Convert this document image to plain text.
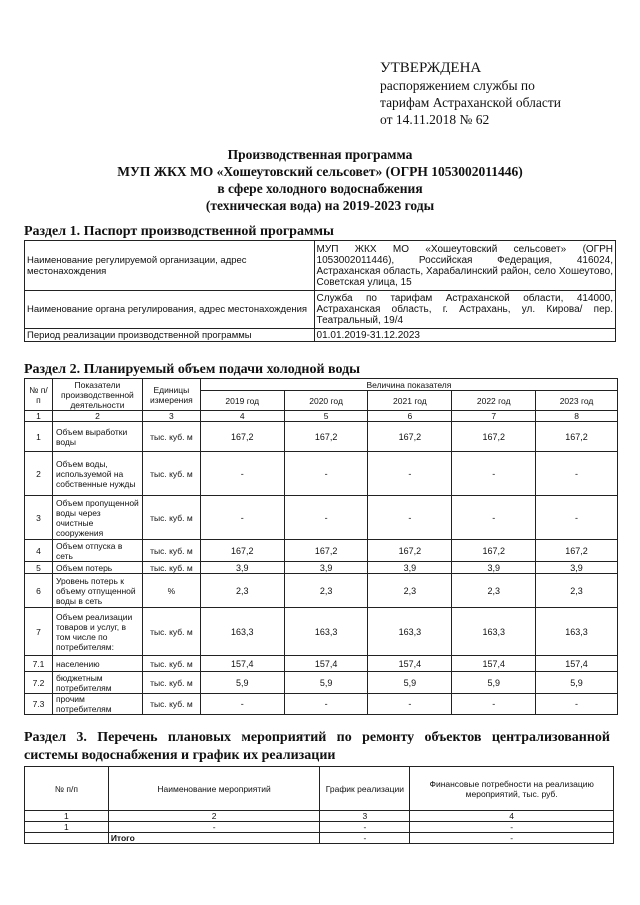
УТВЕРЖДЕНА
распоряжением службы по
тарифам Астраханской области
от 14.11.2018 № 62
Производственная программа
МУП ЖКХ МО «Хошеутовский сельсовет» (ОГРН 1053002011446)
в сфере холодного водоснабжения
(техническая вода) на 2019-2023 годы
Раздел 1. Паспорт производственной программы
Наименование регулируемой организации, адрес местонахождения	МУП ЖКХ МО «Хошеутовский сельсовет» (ОГРН 1053002011446), Российская Федерация, 416024, Астраханская область, Харабалинский район, село Хошеутово, Советская улица, 15
Наименование органа регулирования, адрес местонахождения	Служба по тарифам Астраханской области, 414000, Астраханская область, г. Астрахань, ул. Кирова/ пер. Театральный, 19/4
Период реализации производственной программы	01.01.2019-31.12.2023
Раздел 2. Планируемый объем подачи холодной воды
№ п/п	Показатели производственной деятельности	Единицы измерения	Величина показателя				
			2019 год	2020 год	2021 год	2022 год	2023 год
1	2	3	4	5	6	7	8
1	Объем выработки воды	тыс. куб. м	167,2	167,2	167,2	167,2	167,2
2	Объем воды, используемой на собственные нужды	тыс. куб. м	-	-	-	-	-
3	Объем пропущенной воды через очистные сооружения	тыс. куб. м	-	-	-	-	-
4	Объем отпуска в сеть	тыс. куб. м	167,2	167,2	167,2	167,2	167,2
5	Объем потерь	тыс. куб. м	3,9	3,9	3,9	3,9	3,9
6	Уровень потерь к объему отпущенной воды в сеть	%	2,3	2,3	2,3	2,3	2,3
7	Объем реализации товаров и услуг, в том числе по потребителям:	тыс. куб. м	163,3	163,3	163,3	163,3	163,3
7.1	населению	тыс. куб. м	157,4	157,4	157,4	157,4	157,4
7.2	бюджетным потребителям	тыс. куб. м	5,9	5,9	5,9	5,9	5,9
7.3	прочим потребителям	тыс. куб. м	-	-	-	-	-
Раздел 3. Перечень плановых мероприятий по ремонту объектов централизованной
системы водоснабжения и график их реализации
№ п/п	Наименование мероприятий	График реализации	Финансовые потребности на реализацию мероприятий, тыс. руб.
1	2	3	4
1	-	-	-
	Итого	-	-
